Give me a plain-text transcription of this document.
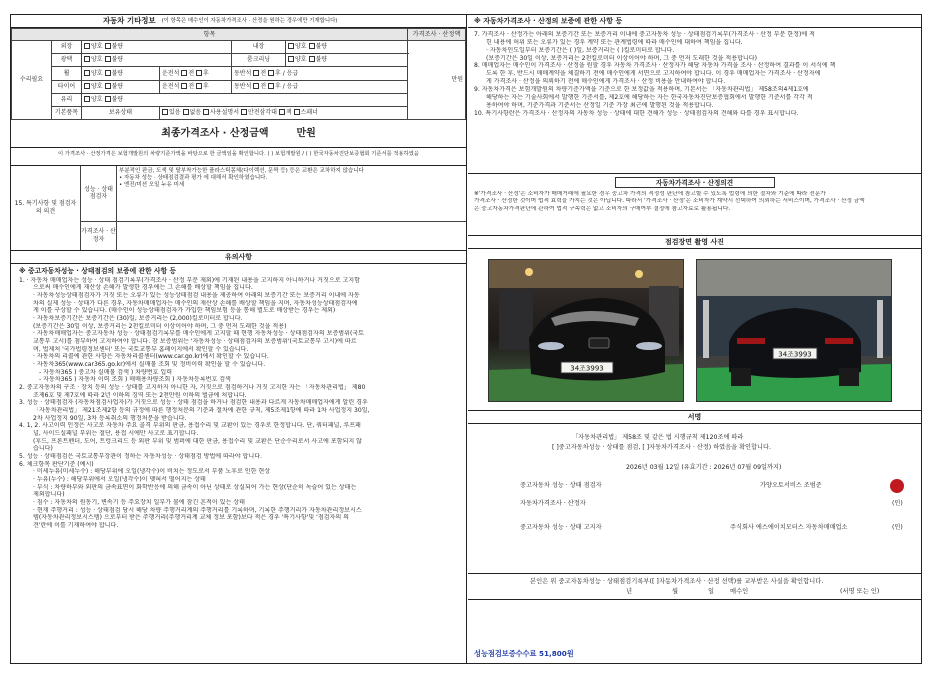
자동차 기타정보 (이 항목은 매수인이 자동차가격조사 · 산정을 원하는 경우에만 기재합니다)
항목						가격조사 · 산정액
수리필요	외장	양호 불량		내장	양호 불량	만원
	광택	양호 불량		룸크리닝	양호 불량	
	휠	양호 불량	운전석 전 후	동반석 전 후 / 응급		
	타이어	양호 불량	운전석 전 후	동반석 전 후 / 응급		
	유리	양호 불량				
	기본품목	보유상태	있음 없음 사용설명서 안전삼각대 잭 스패너			
최종가격조사 · 산정금액	만원
이 가격조사 · 산정가격은 보험개발원의 차량기준가액을 바탕으로 한 금액임을 확인합니다. ( ) 보험개발원 / ( ) 한국자동차진단보증협회 기준서를 적용하였음
15. 특기사항 및 점검자의 의견
성능 · 상태 점검자
부분적인 판금, 도색 및 탈부착가능한 플라스틱몸체(다이렉션, 문짝 등) 등은 교환은 교차하지 않습니다
• 자동차 성능 · 상태점검결과 평가 에 대해서 확인하였습니다.
• 엔진/미션 오일 누유 미세
가격조사 · 산정자
유의사항

※ 중고자동차성능 · 상태점검의 보증에 관한 사항 등

1. · 자동차 매매업자는 성능 · 상태 점검기록부(가격조사 · 산정 부분 제외)에 기재된 내용을 고지하지 아니하거나 거짓으로 고지함

으로써 매수인에게 재산상 손해가 발생한 경우에는 그 손해를 배상할 책임을 집니다.

· 자동차성능상태점검자가 거짓 또는 오류가 있는 성능상태점검 내용을 제공하여 아래의 보증기간 또는 보증거리 이내에 자동

차의 실제 성능 · 상태가 다른 경우, 자동차매매업자는 매수인의 재산상 손해를 배상할 책임을 지며, 자동차성능상태점검자에

게 이를 구상할 수 있습니다. (매수인이 성능상태점검자가 가입한 책임보험 등을 통해 별도로 배상받는 경우는 제외)

· 자동차보증기간은 보증기간은 (30)일, 보증거리는 (2,000)킬로미터로 합니다.

(보증기간은 30일 이상, 보증거리는 2천킬로미터 이상이어야 하며, 그 중 먼저 도래한 것을 적용)

· 자동차매매업자는 중고자동차 성능 · 상태점검기록부를 매수인에게 고지할 때 현행 자동차성능 · 상태점검자의 보증범위(국토

교통부 고시)를 첨부하여 고지하여야 합니다. 참 보증범위는 '자동차성능 · 상태점검자의 보증범위'(국토교통부 고시)에 따르

며, 법제처 '국가법령정보센터' 또는 국토교통부 홈페이지에서 확인할 수 있습니다.

· 자동차의 리콜에 관한 사항은 자동차리콜센터(www.car.go.kr)에서 확인할 수 있습니다.

· 자동차365(www.car365.go.kr)에서 실매물 조회 및 정비이력 확인을 할 수 있습니다.

- 자동차365 ) 중고차 실매물 검색 ) 차량번호 입력

- 자동차365 ) 자동차 이력 조회 ) 매매용차량조회 ) 자동차등록번호 검색

2. 중고자동차의 구조 · 장치 등의 성능 · 상태를 고지하지 아니한 자, 거짓으로 점검하거나 거짓 고지한 자는 「자동차관리법」 제80

조제6호 및 제7호에 따라 2년 이하의 징역 또는 2천만원 이하의 벌금에 처합니다.

3. 성능 · 상태점검자 (자동차점검사업자)가 거짓으로 성능 · 상태 점검을 하거나 점검한 내용과 다르게 자동차매매업자에게 알린 경우

「자동차관리법」 제21조제2항 등의 규정에 따른 행정처분의 기준과 절차에 관한 규칙, 제5조제1항에 따라 1차 사업정지 30일,

2차 사업정지 90일, 3차 등록취소의 행정처분을 받습니다.

4. 1, 2. 사고이력 인정은 사고로 자동차 주요 골격 부위의 판금, 용접수리 및 교환이 있는 경우로 한정합니다. 단, 쿼터패널, 루프패

널, 사이드실패널 부위는 절단, 용접 시에만 사고로 표기합니다.

(후드, 프론트펜더, 도어, 트렁크리드 등 외판 부위 및 범퍼에 대한 판금, 용접수리 및 교환은 단순수리로서 사고에 포함되지 않

습니다)

5. 성능 · 상태점검은 국토교통부장관이 정하는 자동차성능 · 상태점검 방법에 따라야 합니다.

6. 체크항목 판단기준 (예시)

· 미세누유(미세누수) : 해당부위에 오일(냉각수)이 비치는 정도로서 부품 노후로 인한 현상

· 누유(누수) : 해당부위에서 오일(냉각수)이 맺혀서 떨어지는 상태

· 부식 : 차량하부와 외판의 금속표면이 화학반응에 의해 금속이 아닌 상태로 상실되어 가는 현상(단순히 녹슬어 있는 상태는

제외합니다)

· 침수 : 자동차의 원동기, 변속기 등 주요장치 일부가 물에 잠긴 흔적이 있는 상태

· 현재 주행거리 : 성능 · 상태점검 당시 해당 차량 주행거리계의 주행거리를 기록하며, 기록한 주행거리가 자동차관리정보시스

템(자동차관리정보시스템) 으로부터 받은 주행거리(주행거리계 교체 정보 포함)보다 적은 경우 '특기사항'및 '점검자의 의

견'란에 이를 기재하여야 합니다.

※ 자동차가격조사 · 산정의 보증에 관한 사항 등

7. 가격조사 · 산정가는 아래의 보증기간 또는 보증거리 이내에 중고자동차 성능 · 상태점검기록부(가격조사 · 산정 부분 한정)에 적

힌 내용에 허위 또는 오류가 있는 경우 계약 또는 관계법령에 따라 매수인에 대하여 책임을 집니다.

· 자동차인도일부터 보증기간은 ( )일, 보증거리는 ( )킬로미터로 합니다.

(보증기간은 30일 이상, 보증거리는 2천킬로미터 이상이어야 하며, 그 중 먼저 도래한 것을 적용합니다)

8. 매매업자는 매수인이 가격조사 · 산정을 원할 경우 자동차 가격조사 · 산정자가 해당 자동차 가격을 조사 · 산정하여 결과를 이 서식에 책

도록 한 후, 반드시 매매계약을 체결하기 전에 매수인에게 서면으로 고지하여야 합니다. 이 경우 매매업자는 가격조사 · 산정자에

게 가격조사 · 산정을 의뢰하기 전에 매수인에게 가격조사 · 산정 비용을 안내하여야 합니다.

9. 자동차가격은 보험개발원의 차량기준가액을 기준으로 한 보정값을 적용하며, 기본서는 「자동차관리법」 제58조의4제1호에

해당하는 자는 기술사회에서 발행한 기준서를, 제2호에 해당하는 자는 한국자동차진단보증협회에서 발행한 기준서를 각각 적

용하여야 하며, 기준가격과 기준서는 산정일 기준 가장 최근에 발행된 것을 적용합니다.

10. 특기사항란은 가격조사 · 산정자의 자동차 성능 · 상태에 대한 견해가 성능 · 상태점검자의 견해와 다를 경우 표시합니다.

자동차가격조사 · 산정의견

※'가격조사 · 산정'은 소비자가 매매거래에 필요한 경우 중고차 가격의 적정성 판단에 참고할 수 있도록 법령에 의한 절차와 기준에 따라 전문가

가격조사 · 산정한 것이며 법적 효력을 가지는 것은 아닙니다. 따라서 '가격조사 · 산정'은 소비자가 계약시 선택하여 의뢰하는 서비스이며, 가격조사 · 산정 금액

은 중고자동차가격판단에 관하여 법적 구속력은 없고 소비자의 구매여부 결정에 참고자료로 활용됩니다.

점검장면 촬영 사진
34조3993
34조3993
서명
「자동차관리법」 제58조 및 같은 법 시행규칙 제120조에 따라
[ ]중고자동차성능 · 상태를 점검, [ ]자동차가격조사 · 산정) 하였음을 확인합니다.
2026년 03월 12일 (유효기간 : 2026년 07월 09일까지)
중고자동차 성능 · 상태 점검자	가양오토서비스 조범준
자동차가격조사 · 산정자	(인)
중고자동차 성능 · 상태 고지자	주식회사 에스에이치모터스 자동차매매업소	(인)
본인은 위 중고자동차성능 · 상태점검기록부([ ]자동차가격조사 · 산정 선택)를 교부받은 사실을 확인합니다.
년	월	일	매수인	(서명 또는 인)
성능점검보증수수료 51,800원
